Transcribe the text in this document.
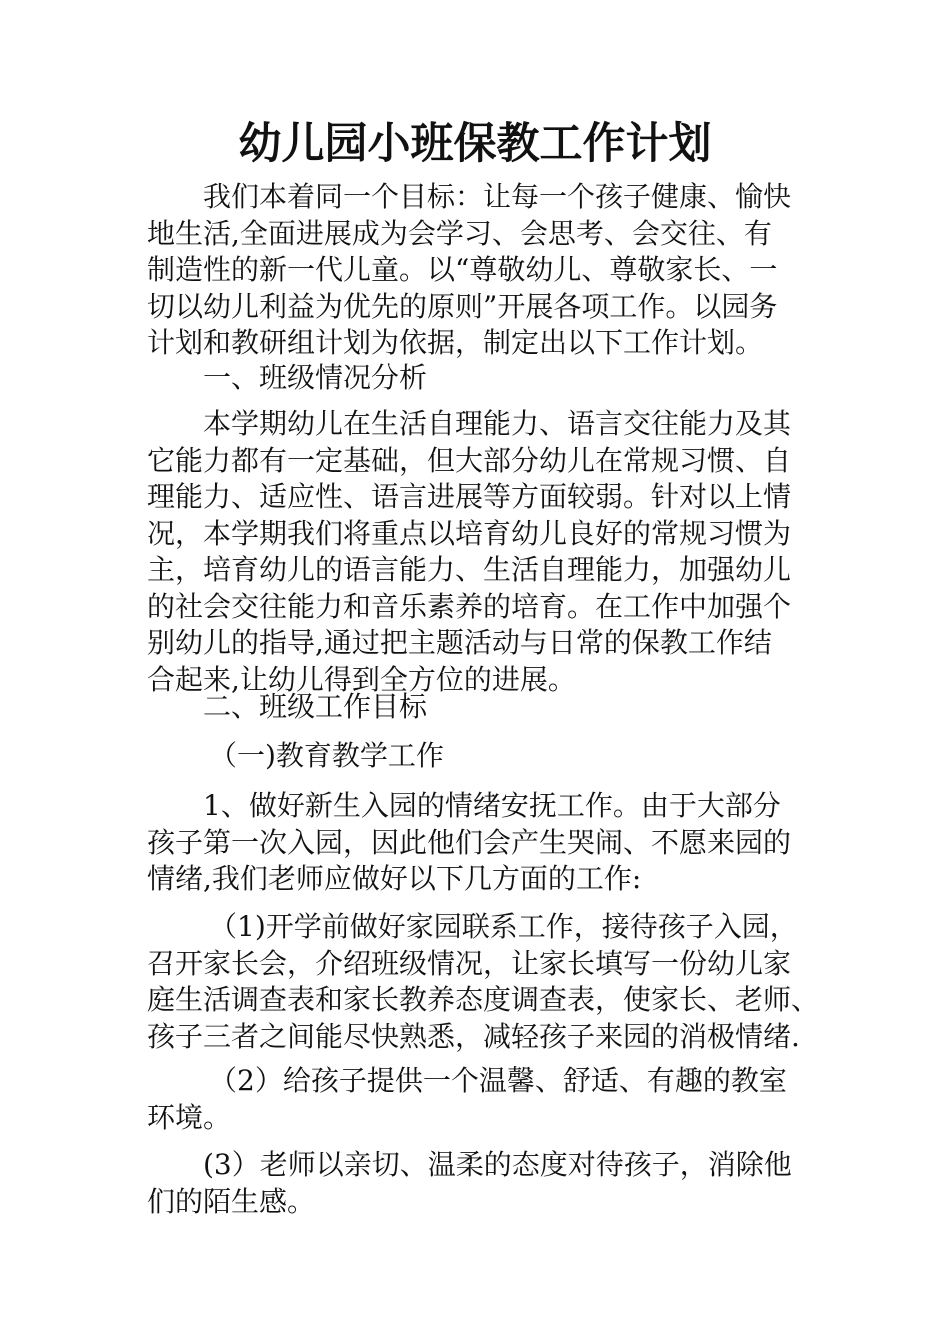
幼儿园小班保教工作计划
我们本着同一个目标：让每一个孩子健康、愉快
地生活,全面进展成为会学习、会思考、会交往、有
制造性的新一代儿童。以“尊敬幼儿、尊敬家长、一
切以幼儿利益为优先的原则”开展各项工作。以园务
计划和教研组计划为依据，制定出以下工作计划。
一、班级情况分析
本学期幼儿在生活自理能力、语言交往能力及其
它能力都有一定基础，但大部分幼儿在常规习惯、自
理能力、适应性、语言进展等方面较弱。针对以上情
况，本学期我们将重点以培育幼儿良好的常规习惯为
主，培育幼儿的语言能力、生活自理能力，加强幼儿
的社会交往能力和音乐素养的培育。在工作中加强个
别幼儿的指导,通过把主题活动与日常的保教工作结
合起来,让幼儿得到全方位的进展。
二、班级工作目标
（一)教育教学工作
1、做好新生入园的情绪安抚工作。由于大部分
孩子第一次入园，因此他们会产生哭闹、不愿来园的
情绪,我们老师应做好以下几方面的工作:
（1)开学前做好家园联系工作，接待孩子入园，
召开家长会，介绍班级情况，让家长填写一份幼儿家
庭生活调查表和家长教养态度调查表，使家长、老师、
孩子三者之间能尽快熟悉，减轻孩子来园的消极情绪.
（2）给孩子提供一个温馨、舒适、有趣的教室
环境。
(3）老师以亲切、温柔的态度对待孩子，消除他
们的陌生感。
